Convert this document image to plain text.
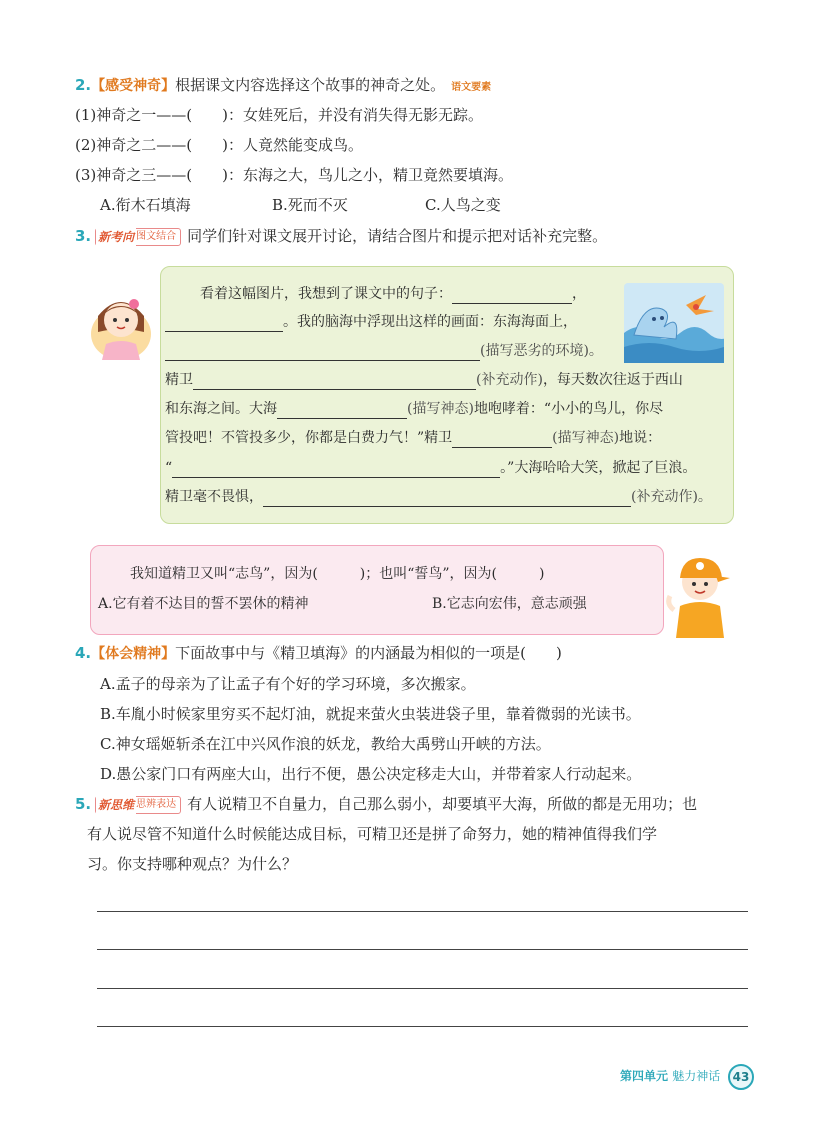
2.【感受神奇】根据课文内容选择这个故事的神奇之处。 语文要素
(1)神奇之一——(　　)：女娃死后，并没有消失得无影无踪。
(2)神奇之二——(　　)：人竟然能变成鸟。
(3)神奇之三——(　　)：东海之大，鸟儿之小，精卫竟然要填海。
A.衔木石填海	B.死而不灭	C.人鸟之变
3. 新考向 图文结合 同学们针对课文展开讨论，请结合图片和提示把对话补充完整。
看着这幅图片，我想到了课文中的句子：	，
。我的脑海中浮现出这样的画面：东海海面上，
(描写恶劣的环境)。
精卫	(补充动作)，每天数次往返于西山
和东海之间。大海	(描写神态)地咆哮着：“小小的鸟儿，你尽
管投吧！不管投多少，你都是白费力气！”精卫	(描写神态)地说：
“	。”大海哈哈大笑，掀起了巨浪。
精卫毫不畏惧，	(补充动作)。
我知道精卫又叫“志鸟”，因为(　　　)；也叫“誓鸟”，因为(　　　)
A.它有着不达目的誓不罢休的精神	B.它志向宏伟，意志顽强
4.【体会精神】下面故事中与《精卫填海》的内涵最为相似的一项是(　　)
A.孟子的母亲为了让孟子有个好的学习环境，多次搬家。
B.车胤小时候家里穷买不起灯油，就捉来萤火虫装进袋子里，靠着微弱的光读书。
C.神女瑶姬斩杀在江中兴风作浪的妖龙，教给大禹劈山开峡的方法。
D.愚公家门口有两座大山，出行不便，愚公决定移走大山，并带着家人行动起来。
5. 新思维 思辨表达 有人说精卫不自量力，自己那么弱小，却要填平大海，所做的都是无用功；也
有人说尽管不知道什么时候能达成目标，可精卫还是拼了命努力，她的精神值得我们学
习。你支持哪种观点？为什么？
第四单元 魅力神话	43
